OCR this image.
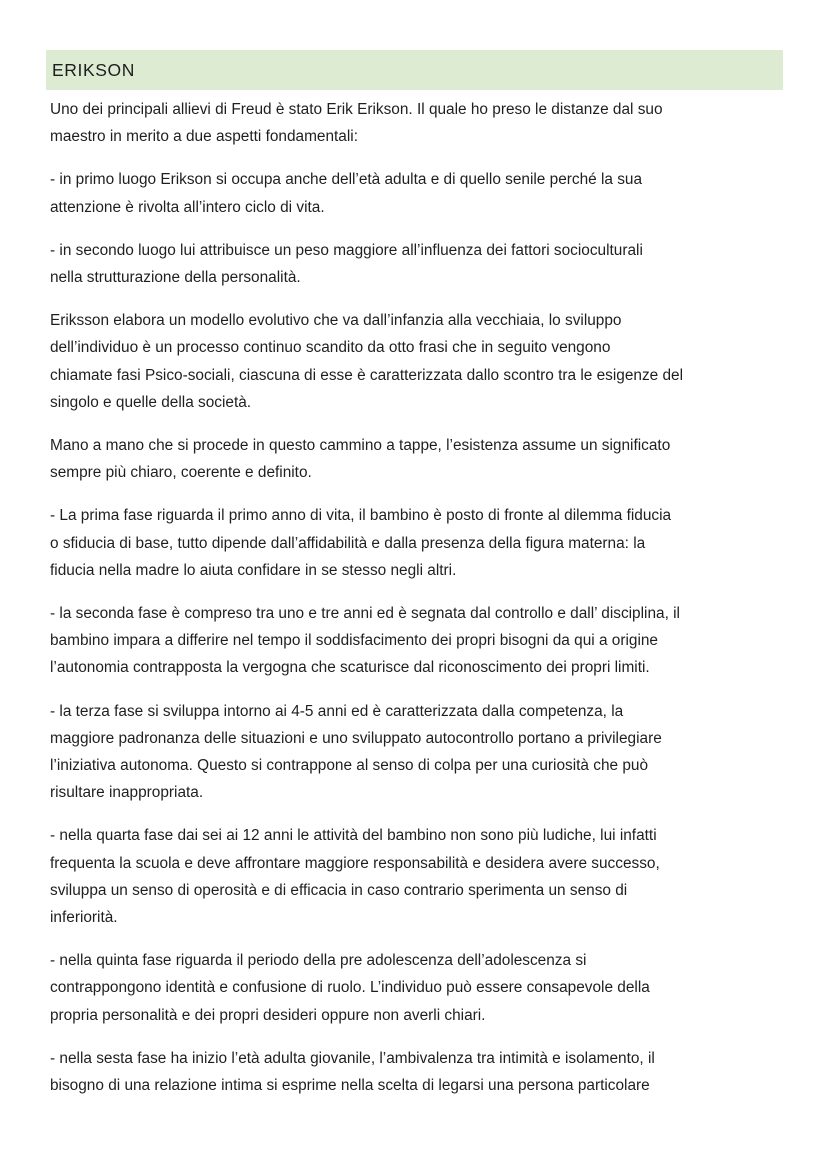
ERIKSON

Uno dei principali allievi di Freud è stato Erik Erikson. Il quale ho preso le distanze dal suo
maestro in merito a due aspetti fondamentali:

- in primo luogo Erikson si occupa anche dell’età adulta e di quello senile perché la sua
attenzione è rivolta all’intero ciclo di vita.

- in secondo luogo lui attribuisce un peso maggiore all’influenza dei fattori socioculturali
nella strutturazione della personalità.

Eriksson elabora un modello evolutivo che va dall’infanzia alla vecchiaia, lo sviluppo
dell’individuo è un processo continuo scandito da otto frasi che in seguito vengono
chiamate fasi Psico-sociali, ciascuna di esse è caratterizzata dallo scontro tra le esigenze del
singolo e quelle della società.

Mano a mano che si procede in questo cammino a tappe, l’esistenza assume un significato
sempre più chiaro, coerente e definito.

- La prima fase riguarda il primo anno di vita, il bambino è posto di fronte al dilemma fiducia
o sfiducia di base, tutto dipende dall’affidabilità e dalla presenza della figura materna: la
fiducia nella madre lo aiuta confidare in se stesso negli altri.

- la seconda fase è compreso tra uno e tre anni ed è segnata dal controllo e dall’ disciplina, il
bambino impara a differire nel tempo il soddisfacimento dei propri bisogni da qui a origine
l’autonomia contrapposta la vergogna che scaturisce dal riconoscimento dei propri limiti.

- la terza fase si sviluppa intorno ai 4-5 anni ed è caratterizzata dalla competenza, la
maggiore padronanza delle situazioni e uno sviluppato autocontrollo portano a privilegiare
l’iniziativa autonoma. Questo si contrappone al senso di colpa per una curiosità che può
risultare inappropriata.

- nella quarta fase dai sei ai 12 anni le attività del bambino non sono più ludiche, lui infatti
frequenta la scuola e deve affrontare maggiore responsabilità e desidera avere successo,
sviluppa un senso di operosità e di efficacia in caso contrario sperimenta un senso di
inferiorità.

- nella quinta fase riguarda il periodo della pre adolescenza dell’adolescenza si
contrappongono identità e confusione di ruolo. L’individuo può essere consapevole della
propria personalità e dei propri desideri oppure non averli chiari.

- nella sesta fase ha inizio l’età adulta giovanile, l’ambivalenza tra intimità e isolamento, il
bisogno di una relazione intima si esprime nella scelta di legarsi una persona particolare
